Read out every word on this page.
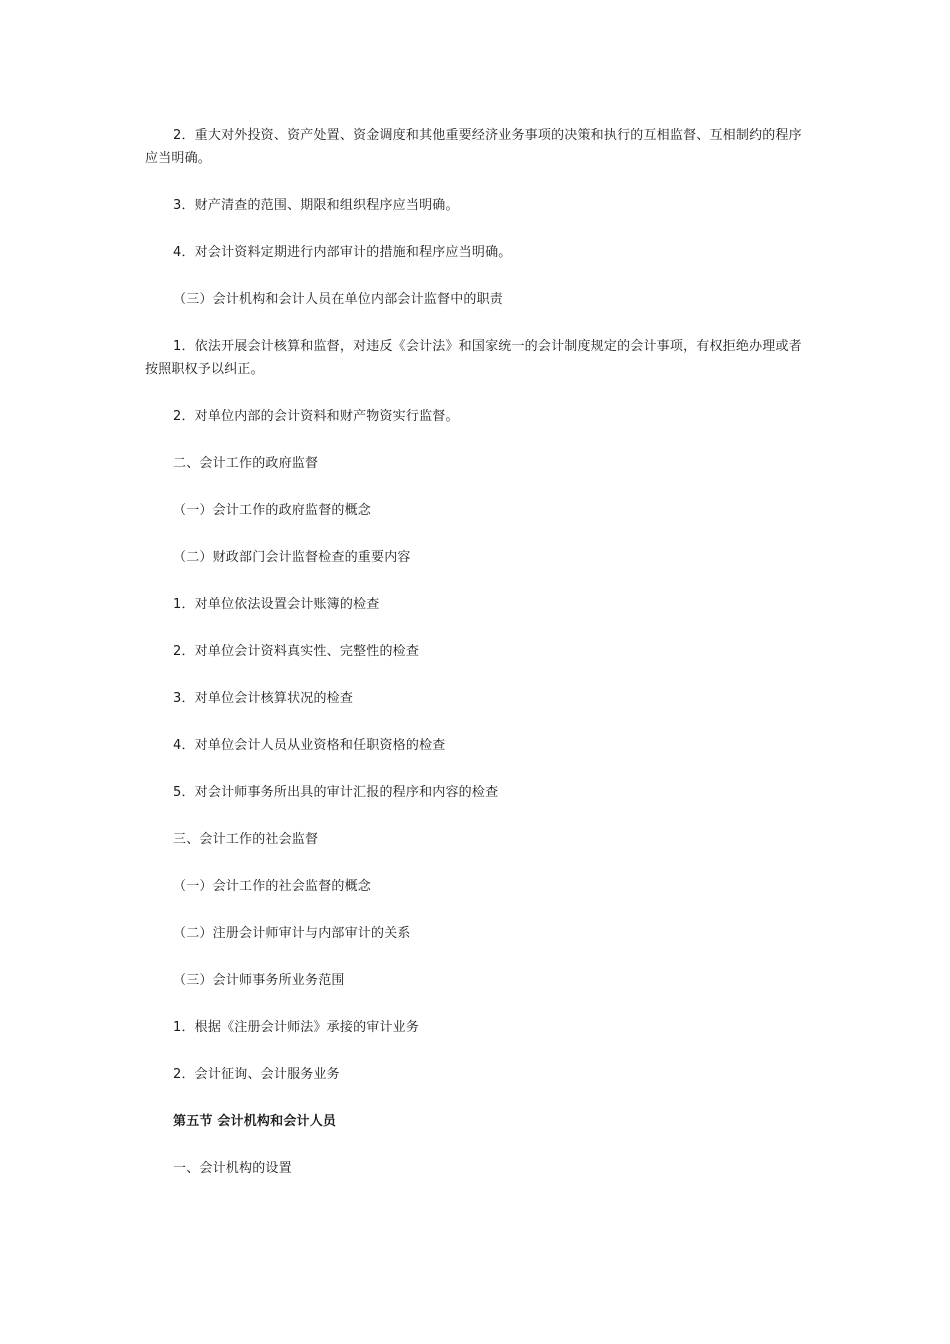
2．重大对外投资、资产处置、资金调度和其他重要经济业务事项的决策和执行的互相监督、互相制约的程序应当明确。

3．财产清查的范围、期限和组织程序应当明确。

4．对会计资料定期进行内部审计的措施和程序应当明确。

（三）会计机构和会计人员在单位内部会计监督中的职责

1．依法开展会计核算和监督，对违反《会计法》和国家统一的会计制度规定的会计事项，有权拒绝办理或者按照职权予以纠正。

2．对单位内部的会计资料和财产物资实行监督。

二、会计工作的政府监督

（一）会计工作的政府监督的概念

（二）财政部门会计监督检查的重要内容

1．对单位依法设置会计账簿的检查

2．对单位会计资料真实性、完整性的检查

3．对单位会计核算状况的检查

4．对单位会计人员从业资格和任职资格的检查

5．对会计师事务所出具的审计汇报的程序和内容的检查

三、会计工作的社会监督

（一）会计工作的社会监督的概念

（二）注册会计师审计与内部审计的关系

（三）会计师事务所业务范围

1．根据《注册会计师法》承接的审计业务

2．会计征询、会计服务业务

第五节 会计机构和会计人员

一、会计机构的设置
